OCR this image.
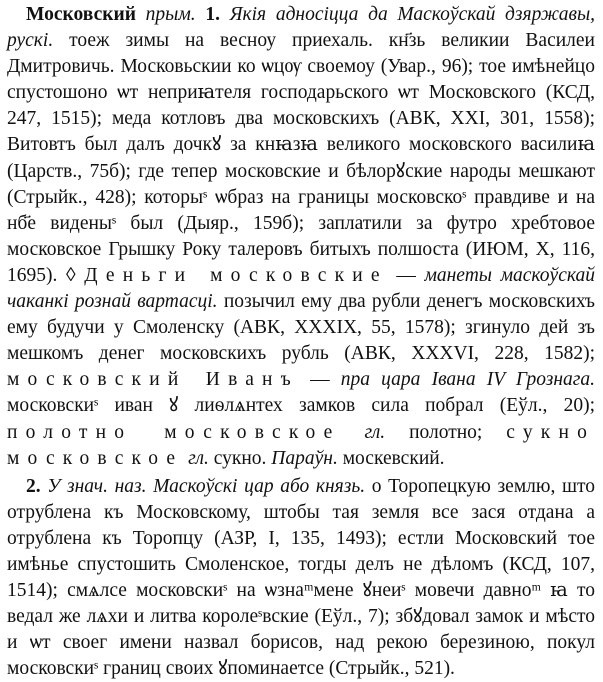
Московский прым. 1. Якія адносіцца да Маскоўскай дзяржавы, рускі. тоеж зимы на весноу приехаль. кн҃зь великии Василеи Дмитровичь. Московьскии ко ѡцѹ своемоу (Увар., 96); тое имѣнейцо спустошоно ѡт неприꙗтеля господарьского ѡт Московского (КСД, 247, 1515); меда котловъ два московскихъ (АВК, XXI, 301, 1558); Витовтъ был далъ дочкꙋ за кнꙗзꙗ великого московского василиꙗ (Царств., 75б); где тепер московские и бѣлорꙋские народы мешкают (Стрыйк., 428); которыˢ ѡбраз на границы московскоˢ правдиве и на нб҃е виденыˢ был (Дыяр., 159б); заплатили за футро хребтовое московское Грышку Року талеровъ битыхъ полшоста (ИЮМ, X, 116, 1695). ◊ Деньги московские — манеты маскоўскай чаканкі рознай вартасці. позычил ему два рубли денегъ московскихъ ему будучи у Смоленску (АВК, XXXIX, 55, 1578); згинуло дей зъ мешкомъ денег московскихъ рубль (АВК, XXXVI, 228, 1582); московский Иванъ — пра цара Івана IV Грознага. московскиˢ иван ꙋ лиѳлѧнтех замков сила побрал (Еўл., 20); полотно московское гл. полотно; сукно московское гл. сукно. Параўн. москевский.

2. У знач. наз. Маскоўскі цар або князь. о Торопецкую землю, што отрублена къ Московскому, штобы тая земля все зася отдана а отрублена къ Торопцу (АЗР, I, 135, 1493); естли Московский тое имѣнье спустошить Смоленское, тогды делъ не дѣломъ (КСД, 107, 1514); смѧлсе московскиˢ на ѡзнаᵐмене ꙋнеиˢ мовечи давноᵐ ꙗ то ведал же лѧхи и литва королеˢвские (Еўл., 7); збꙋдовал замок и мѣсто и ѡт своег имени назвал борисов, над рекою березиною, покул московскиˢ границ своих ꙋпоминаетсе (Стрыйк., 521).
